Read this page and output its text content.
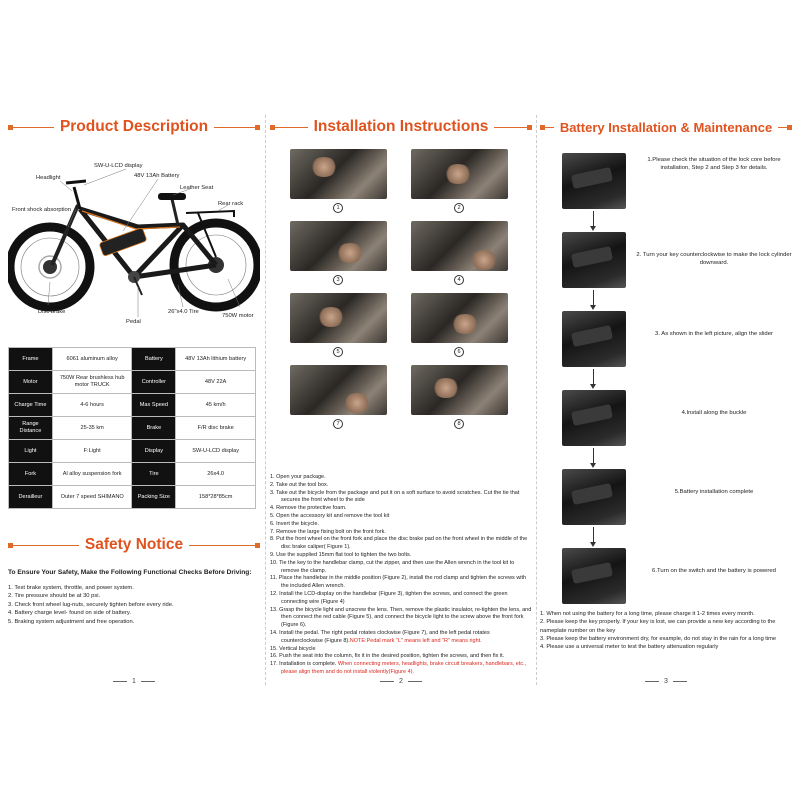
Product Description
SW-U-LCD display
48V 13Ah Battery
Headlight
Leather Seat
Rear rack
Front shock absorption
Disc brake
Pedal
26"x4.0 Tire
750W motor
Frame	6061 aluminum alloy	Battery	48V 13Ah lithium battery
Motor	750W Rear brushless hub motor TRUCK	Controller	48V 22A
Charge Time	4-6 hours	Max Speed	45 km/h
Range Distance	25-35 km	Brake	F/R disc brake
Light	F:Light	Display	SW-U-LCD display
Fork	Al alloy suspension fork	Tire	26x4.0
Derailleur	Outer 7 speed SHIMANO	Packing Size	158*28*85cm
Safety Notice
To Ensure Your Safety, Make the Following Functional Checks Before Driving:
1. Test brake system, throttle, and power system.
2. Tire pressure should be at 30 psi.
3. Check front wheel lug-nuts, securely tighten before every ride.
4. Battery charge level- found on side of battery.
5. Braking system adjustment and free operation.
1
Installation Instructions
1	2
3	4
5	6
7	8
1. Open your package.
2. Take out the tool box.
3. Take out the bicycle from the package and put it on a soft surface to avoid scratches. Cut the tie that secures the front wheel to the side
4. Remove the protective foam.
5. Open the accessory kit and remove the tool kit
6. Invert the bicycle.
7. Remove the large fixing bolt on the front fork.
8. Put the front wheel on the front fork and place the disc brake pad on the front wheel in the middle of the disc brake caliper( Figure 1).
9. Use the supplied 15mm flat tool to tighten the two bolts.
10. Tie the key to the handlebar clamp, cut the zipper, and then use the Allen wrench in the tool kit to remove the clamp.
11. Place the handlebar in the middle position (Figure 2), install the rod clamp and tighten the screws with the included Allen wrench.
12. Install the LCD-display on the handlebar (Figure 3), tighten the screws, and connect the green connecting wire (Figure 4)
13. Grasp the bicycle light and unscrew the lens. Then, remove the plastic insulator, re-tighten the lens, and then connect the red cable (Figure 5), and connect the bicycle light to the screw above the front fork (Figure 6).
14. Install the pedal. The right pedal rotates clockwise (Figure 7), and the left pedal rotates counterclockwise (Figure 8).NOTE:Pedal mark "L" means left and "R" means right.
15. Vertical bicycle
16. Push the seat into the column, fix it in the desired position, tighten the screws, and then fix it.
17. Installation is complete. When connecting meters, headlights, brake circuit breakers, handlebars, etc., please align them and do not install violently(Figure 4).
2
Battery Installation & Maintenance
1.Please check the situation of the lock core before installation, Step 2 and Step 3 for details.
2. Turn your key counterclockwise to make the lock cylinder downward.
3. As shown in the left picture, align the slider
4.Install along the buckle
5.Battery installation complete
6.Turn on the switch and the battery is powered
1. When not using the battery for a long time, please charge it 1-2 times every month.
2. Please keep the key properly. If your key is lost, we can provide a new key according to the nameplate number on the key
3. Please keep the battery environment dry, for example, do not stay in the rain for a long time
4. Please use a universal meter to test the battery attenuation regularly
3
